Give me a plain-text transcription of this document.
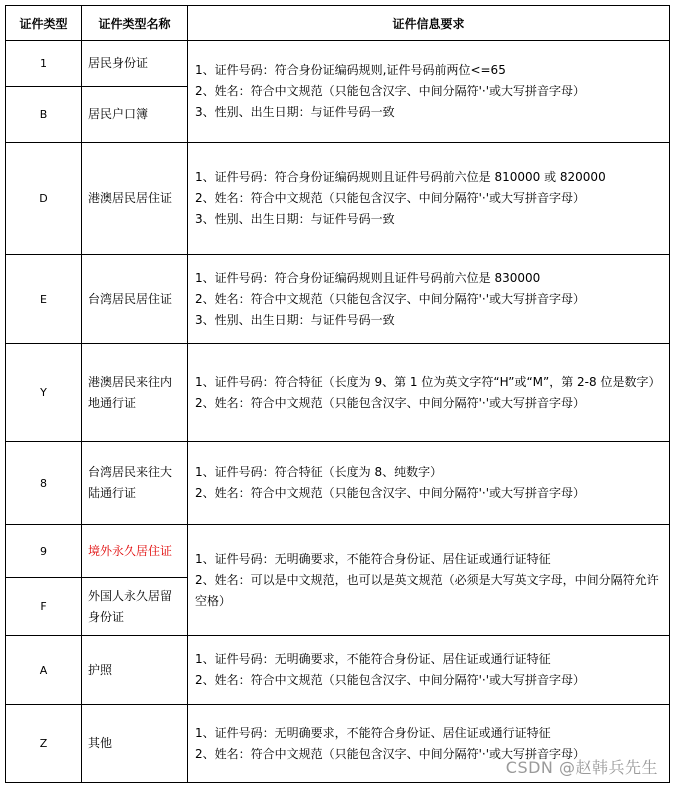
证件类型	证件类型名称	证件信息要求
1	居民身份证	1、证件号码：符合身份证编码规则,证件号码前两位<=65
2、姓名：符合中文规范（只能包含汉字、中间分隔符'·'或大写拼音字母）
3、性别、出生日期：与证件号码一致

B	居民户口簿	
D	港澳居民居住证	1、证件号码：符合身份证编码规则且证件号码前六位是 810000 或 820000
2、姓名：符合中文规范（只能包含汉字、中间分隔符'·'或大写拼音字母）
3、性别、出生日期：与证件号码一致

E	台湾居民居住证	1、证件号码：符合身份证编码规则且证件号码前六位是 830000
2、姓名：符合中文规范（只能包含汉字、中间分隔符'·'或大写拼音字母）
3、性别、出生日期：与证件号码一致

Y	港澳居民来往内地通行证	1、证件号码：符合特征（长度为 9、第 1 位为英文字符“H”或“M”，第 2-8 位是数字）
2、姓名：符合中文规范（只能包含汉字、中间分隔符'·'或大写拼音字母）

8	台湾居民来往大陆通行证	1、证件号码：符合特征（长度为 8、纯数字）
2、姓名：符合中文规范（只能包含汉字、中间分隔符'·'或大写拼音字母）

9	境外永久居住证	1、证件号码：无明确要求，不能符合身份证、居住证或通行证特征
2、姓名：可以是中文规范，也可以是英文规范（必须是大写英文字母，中间分隔符允许空格）

F	外国人永久居留身份证	
A	护照	1、证件号码：无明确要求，不能符合身份证、居住证或通行证特征
2、姓名：符合中文规范（只能包含汉字、中间分隔符'·'或大写拼音字母）

Z	其他	1、证件号码：无明确要求，不能符合身份证、居住证或通行证特征
2、姓名：符合中文规范（只能包含汉字、中间分隔符'·'或大写拼音字母）
CSDN @赵韩兵先生
